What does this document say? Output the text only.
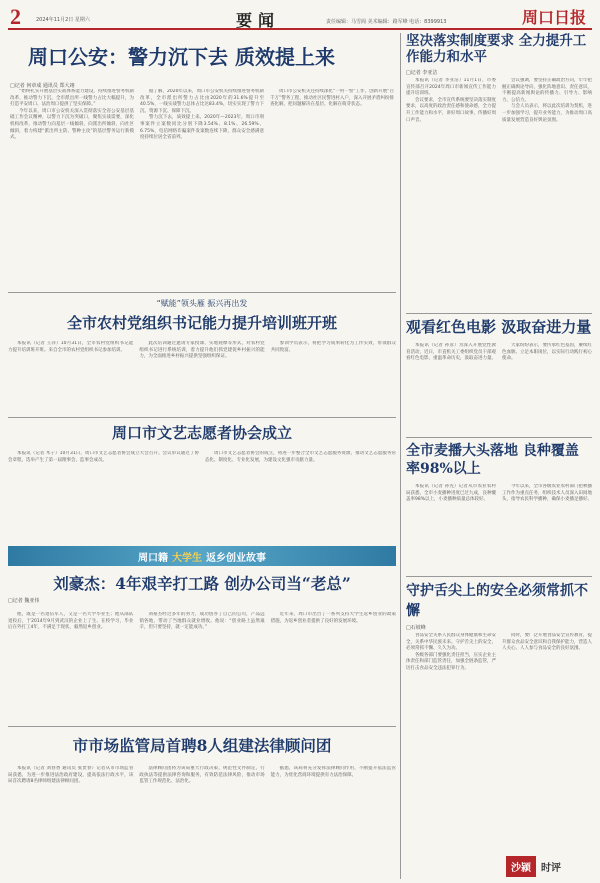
2	2024年11月2日 星期六	要闻	责任编辑：马雪阁 美术编辑：路军峰 电话：8399913	周口日报
周口公安：警力沉下去 质效提上来
□记者 何章成 通讯员 郑大翊

“始终扎实开展基层实战体系能力建设，持续推进警务机制改革，推动警力下沉，全市派出所一线警力占比大幅提升，为打造平安周口、法治周口提供了坚实保障。”

今年以来，周口市公安机关深入贯彻落实全省公安基层基础工作会议精神，以警力下沉为突破口，聚焦实战需要，深化机构改革，推动警力向基层一线倾斜，向派出所倾斜，向社区倾斜，着力构建“派出所主防、警种主攻”的基层警务运行新模式。

据了解，2020年以来，周口市公安机关持续推进警务机制改革，全市派出所警力占比由2020年的31.6%提升至40.5%，一线实战警力总体占比达83.4%，切实实现了警力下沉、资源下沉、保障下沉。

警力沉下去，质效提上来。2020年—2023年，周口市刑事案件立案数同比分别下降3.54%、8.1%、26.59%、6.75%，电信网络诈骗案件发案数连续下降，群众安全感满意度持续位居全省前列。

周口市公安机关还持续深化“一村一警”工作，创新开展“百千万”警务工程，推动社区民警进村入户，深入开展矛盾纠纷排查化解，把问题解决在基层、化解在萌芽状态。

坚决落实制度要求 全力提升工作能力和水平
□记者 李亚洁

本报讯（记者 李亚洁）11月1日，市委宣传部召开2024年周口市新闻宣传工作能力提升培训班。

会议要求，全市宣传系统要坚决落实制度要求，以高度的政治责任感和使命感，全力提升工作能力和水平，讲好周口故事，传播好周口声音。

会议强调，要坚持正确政治方向，牢牢把握正确舆论导向，强化阵地意识、责任意识，不断提高新闻舆论的传播力、引导力、影响力、公信力。

与会人员表示，将以此次培训为契机，进一步加强学习，提升业务能力，为推动周口高质量发展营造良好舆论氛围。

观看红色电影 汲取奋进力量

本报讯（记者 孙彦）为深入开展党性教育活动，近日，市直机关工委组织党员干部观看红色电影，重温革命历史，汲取奋进力量。

大家纷纷表示，要传承红色基因，赓续红色血脉，立足本职岗位，以实际行动践行初心使命。

全市麦播大头落地 良种覆盖率98%以上

本报讯（记者 孙先）记者从市农业农村局获悉，全市小麦播种进度已过九成，良种覆盖率98%以上，小麦播种质量总体较好。

今年以来，全市各级农业农村部门把秋播工作作为重点任务，组织技术人员深入田间地头，指导农民科学播种，确保小麦播足播好。

守护舌尖上的安全必须常抓不懈
□石坡峰

食品安全关系人民群众身体健康和生命安全，关系中华民族未来。守护舌尖上的安全，必须常抓不懈、久久为功。

各级各部门要强化责任担当，压实企业主体责任和部门监管责任，加强全链条监管，严厉打击食品安全违法犯罪行为。

同时，要广泛开展食品安全宣传教育，提升群众食品安全意识和自我保护能力，营造人人关心、人人参与食品安全的良好氛围。

沙颍	时评
“赋能”领头雁 振兴再出发
全市农村党组织书记能力提升培训班开班

本报讯（记者 王萍）10月31日，全市农村党组织书记能力提升培训班开班。来自全市的农村党组织书记参加培训。

此次培训通过邀请专家授课、实地观摩等形式，对农村党组织书记进行系统培训，着力提升他们抓党建促乡村振兴的能力，为全面推进乡村振兴提供坚强组织保证。

参训学员表示，将把学习成果转化为工作实效，带领群众共同致富。

周口市文艺志愿者协会成立

本报讯（记者 木子）10月31日，周口市文艺志愿者协会成立大会召开。会议审议通过了协会章程，选举产生了第一届理事会、监事会成员。

周口市文艺志愿者协会的成立，将进一步整合全市文艺志愿服务资源，推动文艺志愿服务常态化、制度化、专业化发展，为建设文化强市贡献力量。

周口籍 大学生 返乡创业故事
刘豪杰：4年艰辛打工路 创办公司当“老总”
□记者 魏亚伟

他，既是一名退伍军人，又是一名大学毕业生；他从部队退役后，于2014年9月到武汉的企业上了生、在校学习，毕业后在外打工4年，不满足于现状，毅然返乡创业。

刘豪杰经过多年的努力，成功创办了自己的公司，产品远销各地，带动了当地群众就业增收。他说：“创业路上虽然艰辛，但只要坚持，就一定能成功。”

近年来，周口市出台了一系列支持大学生返乡创业的政策措施，为返乡创业者提供了良好的发展环境。

市市场监管局首聘8人组建法律顾问团

本报讯（记者 刘春香 通讯员 张贵春）记者从市市场监管局获悉，为进一步推进法治政府建设，提高依法行政水平，该局首次聘请8名律师组建法律顾问团。

法律顾问团将为该局重大行政决策、规范性文件制定、行政执法等提供法律咨询和服务，有效防范法律风险，推动市场监管工作规范化、法治化。

据悉，该局将充分发挥法律顾问作用，不断提升依法监管能力，为优化营商环境提供有力法治保障。
